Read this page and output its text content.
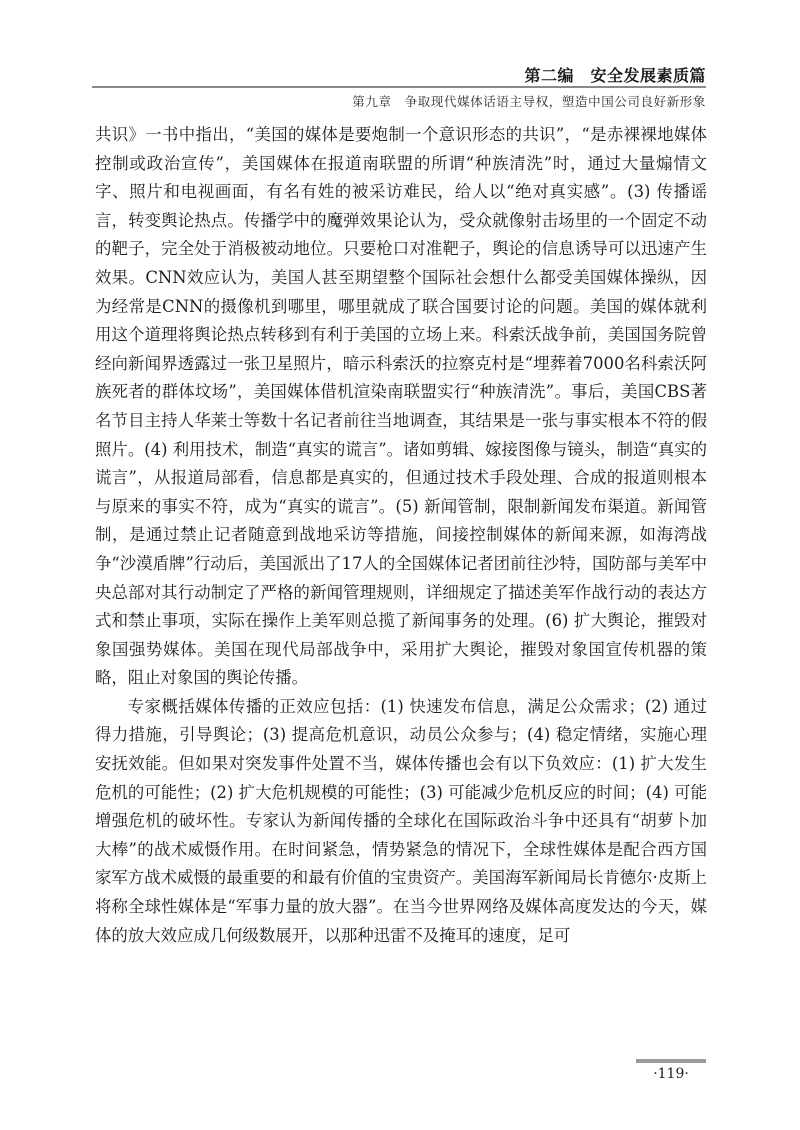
第二编　安全发展素质篇
第九章　争取现代媒体话语主导权，塑造中国公司良好新形象

共识》一书中指出，“美国的媒体是要炮制一个意识形态的共识”，“是赤裸裸地媒体控制或政治宣传”，美国媒体在报道南联盟的所谓“种族清洗”时，通过大量煽情文字、照片和电视画面，有名有姓的被采访难民，给人以“绝对真实感”。(3) 传播谣言，转变舆论热点。传播学中的魔弹效果论认为，受众就像射击场里的一个固定不动的靶子，完全处于消极被动地位。只要枪口对准靶子，舆论的信息诱导可以迅速产生效果。CNN效应认为，美国人甚至期望整个国际社会想什么都受美国媒体操纵，因为经常是CNN的摄像机到哪里，哪里就成了联合国要讨论的问题。美国的媒体就利用这个道理将舆论热点转移到有利于美国的立场上来。科索沃战争前，美国国务院曾经向新闻界透露过一张卫星照片，暗示科索沃的拉察克村是“埋葬着7000名科索沃阿族死者的群体坟场”，美国媒体借机渲染南联盟实行“种族清洗”。事后，美国CBS著名节目主持人华莱士等数十名记者前往当地调查，其结果是一张与事实根本不符的假照片。(4) 利用技术，制造“真实的谎言”。诸如剪辑、嫁接图像与镜头，制造“真实的谎言”，从报道局部看，信息都是真实的，但通过技术手段处理、合成的报道则根本与原来的事实不符，成为“真实的谎言”。(5) 新闻管制，限制新闻发布渠道。新闻管制，是通过禁止记者随意到战地采访等措施，间接控制媒体的新闻来源，如海湾战争“沙漠盾牌”行动后，美国派出了17人的全国媒体记者团前往沙特，国防部与美军中央总部对其行动制定了严格的新闻管理规则，详细规定了描述美军作战行动的表达方式和禁止事项，实际在操作上美军则总揽了新闻事务的处理。(6) 扩大舆论，摧毁对象国强势媒体。美国在现代局部战争中，采用扩大舆论，摧毁对象国宣传机器的策略，阻止对象国的舆论传播。

专家概括媒体传播的正效应包括：(1) 快速发布信息，满足公众需求；(2) 通过得力措施，引导舆论；(3) 提高危机意识，动员公众参与；(4) 稳定情绪，实施心理安抚效能。但如果对突发事件处置不当，媒体传播也会有以下负效应：(1) 扩大发生危机的可能性；(2) 扩大危机规模的可能性；(3) 可能减少危机反应的时间；(4) 可能增强危机的破坏性。专家认为新闻传播的全球化在国际政治斗争中还具有“胡萝卜加大棒”的战术威慑作用。在时间紧急，情势紧急的情况下，全球性媒体是配合西方国家军方战术威慑的最重要的和最有价值的宝贵资产。美国海军新闻局长肯德尔·皮斯上将称全球性媒体是“军事力量的放大器”。在当今世界网络及媒体高度发达的今天，媒体的放大效应成几何级数展开，以那种迅雷不及掩耳的速度，足可

·119·
